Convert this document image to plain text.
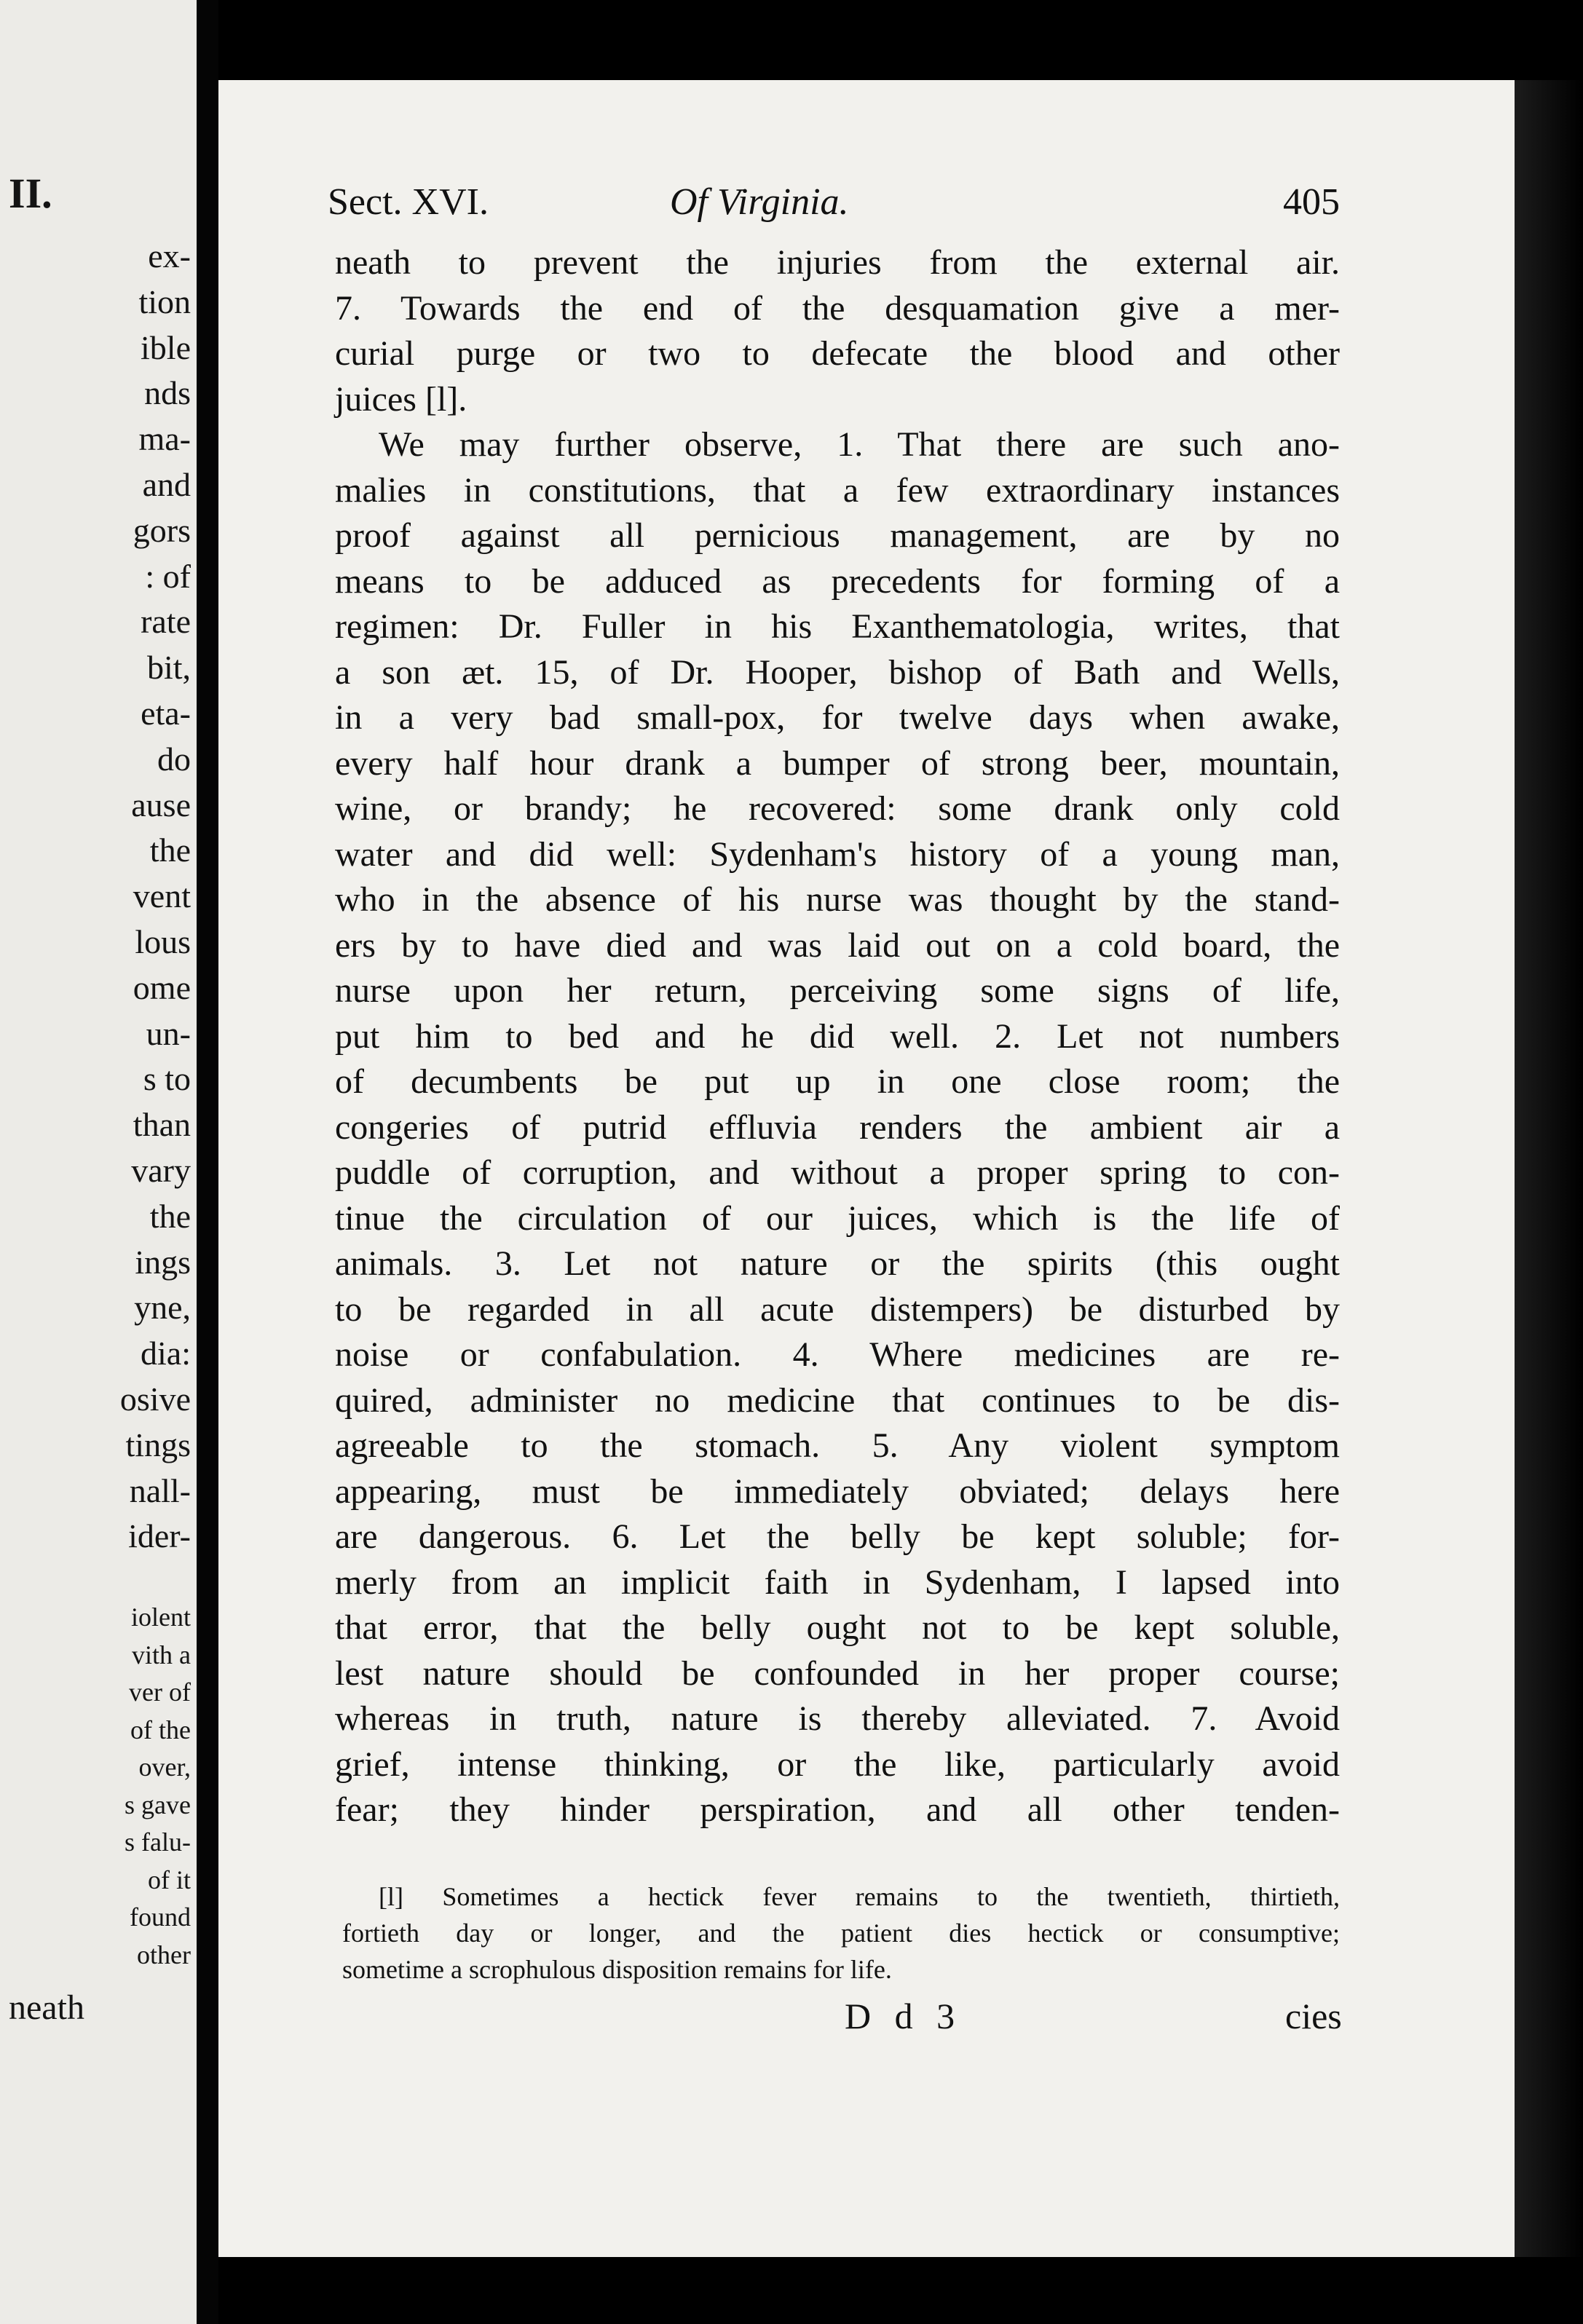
II.
ex-
tion
ible
nds
ma-
and
gors
: of
rate
bit,
eta-
do
ause
the
vent
lous
ome
un-
s to
than
vary
the
ings
yne,
dia:
osive
tings
nall-
ider-
iolent
vith a
ver of
of the
over,
s gave
s falu-
of it
found
other
neath
Sect. XVI.	Of Virginia.	405
neath to prevent the injuries from the external air.
7. Towards the end of the desquamation give a mer-
curial purge or two to defecate the blood and other
juices [l].
We may further observe, 1. That there are such ano-
malies in constitutions, that a few extraordinary instances
proof against all pernicious management, are by no
means to be adduced as precedents for forming of a
regimen: Dr. Fuller in his Exanthematologia, writes, that
a son æt. 15, of Dr. Hooper, bishop of Bath and Wells,
in a very bad small-pox, for twelve days when awake,
every half hour drank a bumper of strong beer, mountain,
wine, or brandy; he recovered: some drank only cold
water and did well: Sydenham's history of a young man,
who in the absence of his nurse was thought by the stand-
ers by to have died and was laid out on a cold board, the
nurse upon her return, perceiving some signs of life,
put him to bed and he did well. 2. Let not numbers
of decumbents be put up in one close room; the
congeries of putrid effluvia renders the ambient air a
puddle of corruption, and without a proper spring to con-
tinue the circulation of our juices, which is the life of
animals. 3. Let not nature or the spirits (this ought
to be regarded in all acute distempers) be disturbed by
noise or confabulation. 4. Where medicines are re-
quired, administer no medicine that continues to be dis-
agreeable to the stomach. 5. Any violent symptom
appearing, must be immediately obviated; delays here
are dangerous. 6. Let the belly be kept soluble; for-
merly from an implicit faith in Sydenham, I lapsed into
that error, that the belly ought not to be kept soluble,
lest nature should be confounded in her proper course;
whereas in truth, nature is thereby alleviated. 7. Avoid
grief, intense thinking, or the like, particularly avoid
fear; they hinder perspiration, and all other tenden-
[l] Sometimes a hectick fever remains to the twentieth, thirtieth,
fortieth day or longer, and the patient dies hectick or consumptive;
sometime a scrophulous disposition remains for life.
D d 3	cies
